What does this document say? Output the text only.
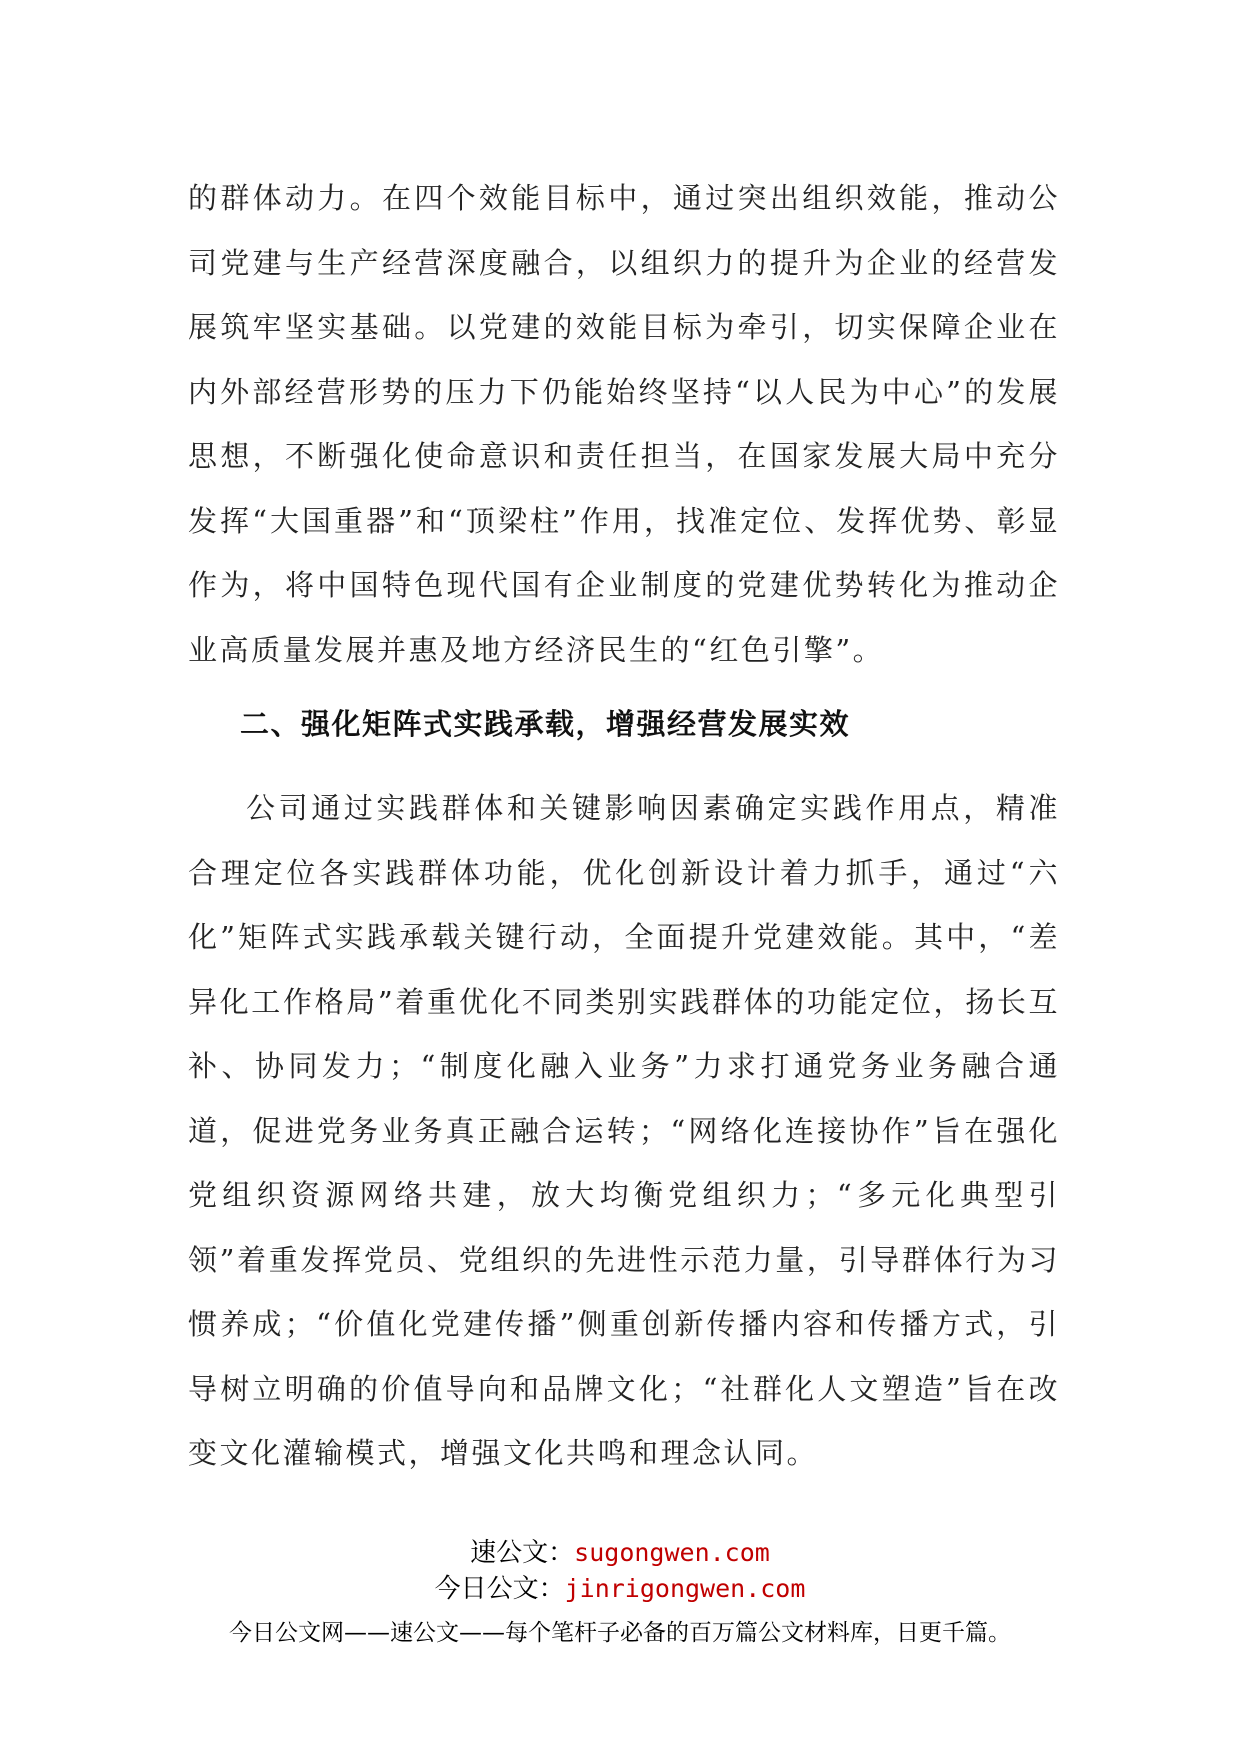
的群体动力。在四个效能目标中，通过突出组织效能，推动公司党建与生产经营深度融合，以组织力的提升为企业的经营发展筑牢坚实基础。以党建的效能目标为牵引，切实保障企业在内外部经营形势的压力下仍能始终坚持“以人民为中心”的发展思想，不断强化使命意识和责任担当，在国家发展大局中充分发挥“大国重器”和“顶梁柱”作用，找准定位、发挥优势、彰显作为，将中国特色现代国有企业制度的党建优势转化为推动企业高质量发展并惠及地方经济民生的“红色引擎”。

二、强化矩阵式实践承载，增强经营发展实效

公司通过实践群体和关键影响因素确定实践作用点，精准合理定位各实践群体功能，优化创新设计着力抓手，通过“六化”矩阵式实践承载关键行动，全面提升党建效能。其中，“差异化工作格局”着重优化不同类别实践群体的功能定位，扬长互补、协同发力；“制度化融入业务”力求打通党务业务融合通道，促进党务业务真正融合运转；“网络化连接协作”旨在强化党组织资源网络共建，放大均衡党组织力；“多元化典型引领”着重发挥党员、党组织的先进性示范力量，引导群体行为习惯养成；“价值化党建传播”侧重创新传播内容和传播方式，引导树立明确的价值导向和品牌文化；“社群化人文塑造”旨在改变文化灌输模式，增强文化共鸣和理念认同。

速公文：sugongwen.com
今日公文：jinrigongwen.com
今日公文网——速公文——每个笔杆子必备的百万篇公文材料库，日更千篇。
